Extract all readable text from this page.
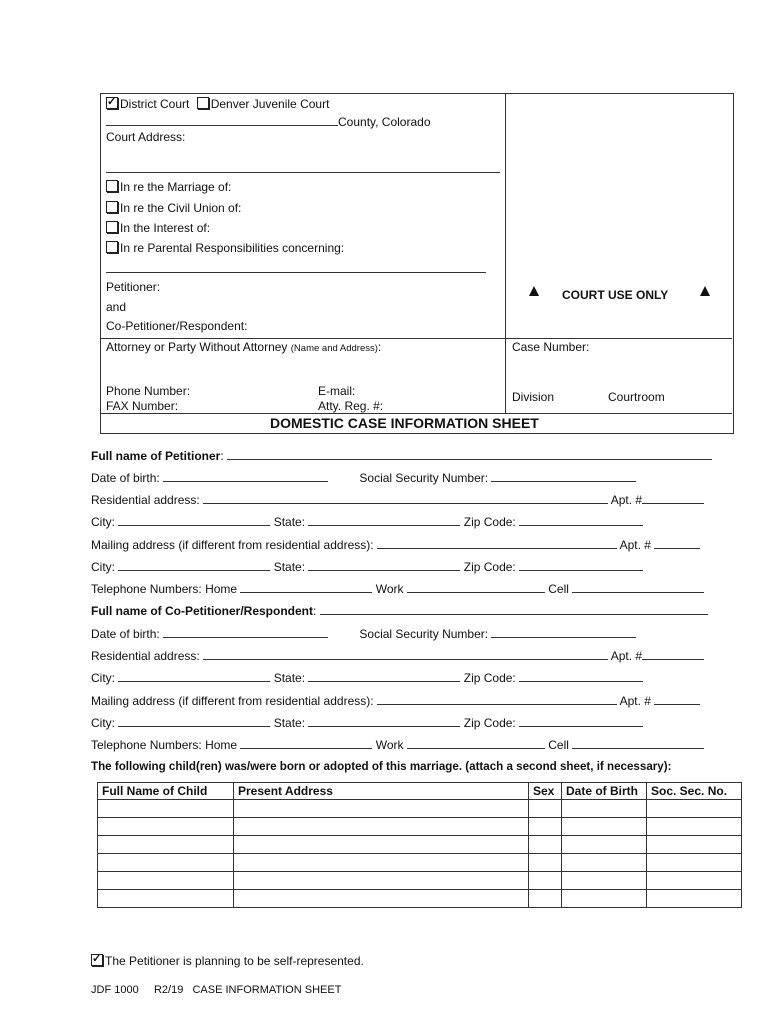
✓District Court Denver Juvenile Court
County, Colorado
Court Address:
In re the Marriage of:
In re the Civil Union of:
In the Interest of:
In re Parental Responsibilities concerning:
Petitioner:
and
Co-Petitioner/Respondent:
Attorney or Party Without Attorney (Name and Address):
Phone Number:
FAX Number:
E-mail:
Atty. Reg. #:
COURT USE ONLY
Case Number:
Division	Courtroom
DOMESTIC CASE INFORMATION SHEET
Full name of Petitioner:
Date of birth:	Social Security Number:
Residential address:	Apt. #
City:	State:	Zip Code:
Mailing address (if different from residential address):	Apt. #
City:	State:	Zip Code:
Telephone Numbers: Home	Work	Cell
Full name of Co-Petitioner/Respondent:
Date of birth:	Social Security Number:
Residential address:	Apt. #
City:	State:	Zip Code:
Mailing address (if different from residential address):	Apt. #
City:	State:	Zip Code:
Telephone Numbers: Home	Work	Cell
The following child(ren) was/were born or adopted of this marriage. (attach a second sheet, if necessary):
Full Name of Child	Present Address	Sex	Date of Birth	Soc. Sec. No.

✓The Petitioner is planning to be self-represented.
JDF 1000     R2/19   CASE INFORMATION SHEET
